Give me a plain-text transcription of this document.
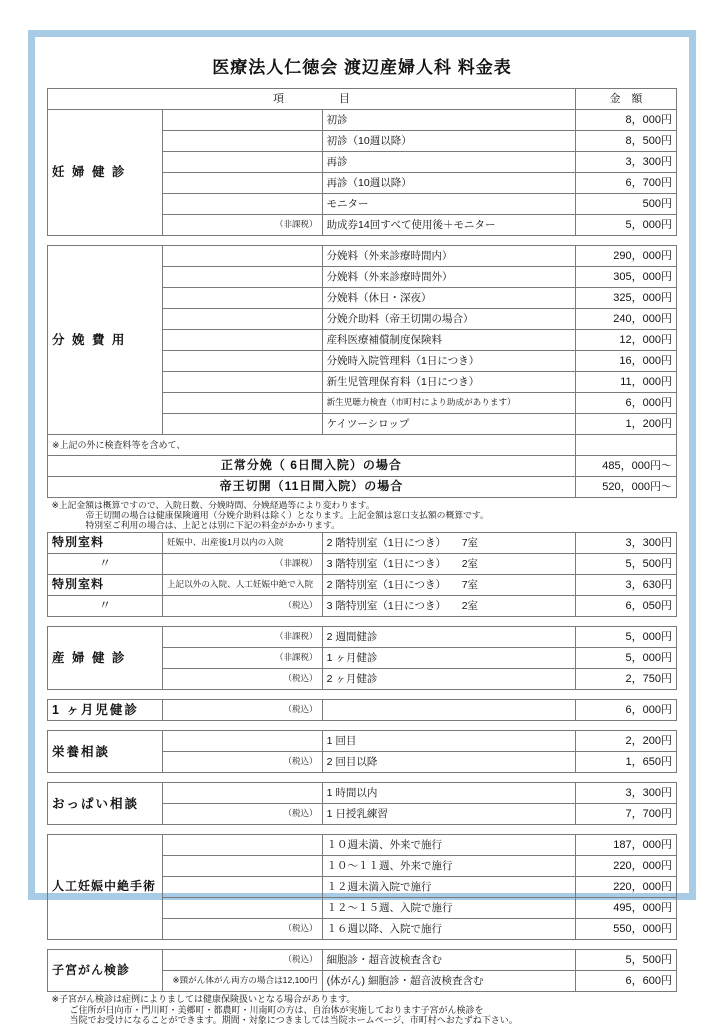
医療法人仁徳会 渡辺産婦人科 料金表
項　　　　　目			金　額
妊 婦 健 診		初診	8，000円
		初診（10週以降）	8，500円
		再診	3，300円
		再診（10週以降）	6，700円
		モニター	500円
	（非課税）	助成券14回すべて使用後＋モニター	5，000円

分 娩 費 用		分娩料（外来診療時間内）	290，000円
		分娩料（外来診療時間外）	305，000円
		分娩料（休日・深夜）	325，000円
		分娩介助料（帝王切開の場合）	240，000円
		産科医療補償制度保険料	12，000円
		分娩時入院管理料（1日につき）	16，000円
		新生児管理保育料（1日につき）	11，000円
		新生児聴力検査（市町村により助成があります）	6，000円
		ケイツーシロップ	1，200円
※上記の外に検査料等を含めて、			
正常分娩（ 6日間入院）の場合			485，000円〜
帝王切開（11日間入院）の場合			520，000円〜
※上記金額は概算ですので、入院日数、分娩時間、分娩経過等により変わります。

帝王切開の場合は健康保険適用（分娩介助料は除く）となります。上記金額は窓口支払額の概算です。
特別室ご利用の場合は、上記とは別に下記の料金がかかります。			

特別室料	妊娠中、出産後1月以内の入院	2 階特別室（1日につき）　　7室	3，300円
〃	（非課税）	3 階特別室（1日につき）　　2室	5，500円
特別室料	上記以外の入院、人工妊娠中絶で入院	2 階特別室（1日につき）　　7室	3，630円
〃	（税込）	3 階特別室（1日につき）　　2室	6，050円

産 婦 健 診	（非課税）	2 週間健診	5，000円
	（非課税）	1 ヶ月健診	5，000円
	（税込）	2 ヶ月健診	2，750円

1 ヶ月児健診	（税込）		6，000円

栄養相談		1 回目	2，200円
	（税込）	2 回目以降	1，650円

おっぱい相談		1 時間以内	3，300円
	（税込）	1 日授乳練習	7，700円

人工妊娠中絶手術		１０週未満、外来で施行	187，000円
		１０〜１１週、外来で施行	220，000円
		１２週未満入院で施行	220，000円
		１２〜１５週、入院で施行	495，000円
	（税込）	１６週以降、入院で施行	550，000円

子宮がん検診	（税込）	細胞診・超音波検査含む	5，500円
	※頸がん体がん両方の場合は12,100円	(体がん) 細胞診・超音波検査含む	6，600円
※子宮がん検診は症例によりましては健康保険扱いとなる場合があります。
ご住所が日向市・門川町・美郷町・都農町・川南町の方は、自治体が実施しております子宮がん検診を
当院でお受けになることができます。期間・対象につきましては当院ホームページ、市町村へおたずね下さい。			
